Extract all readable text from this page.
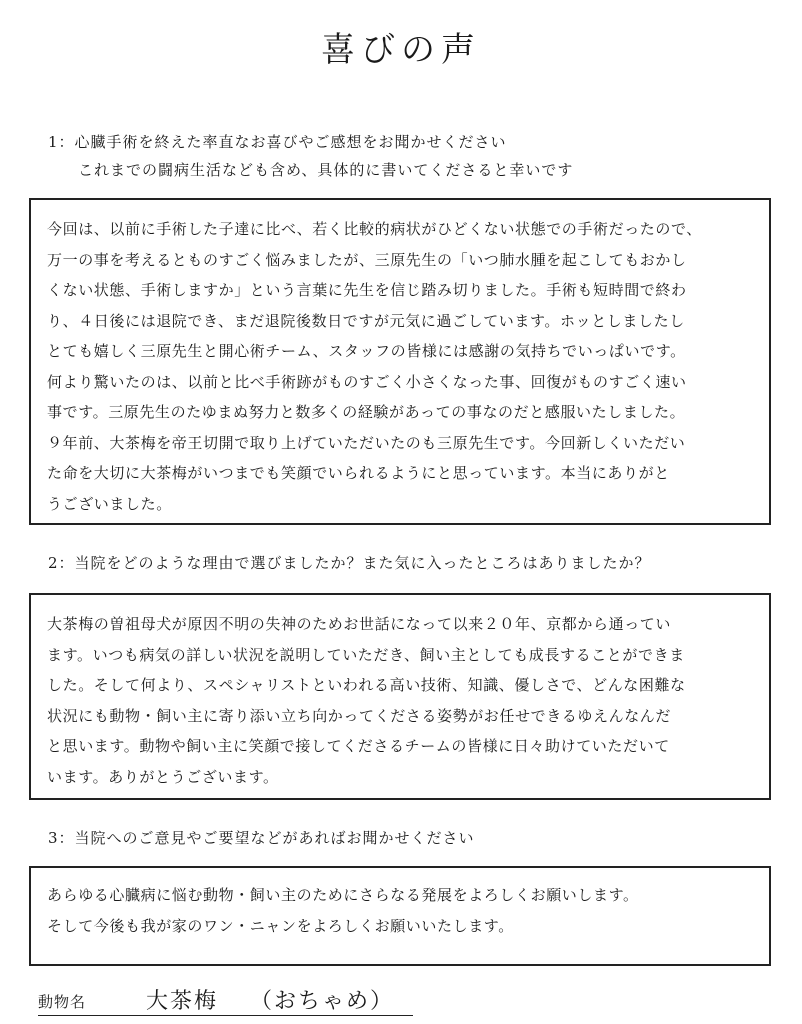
喜びの声
1：心臓手術を終えた率直なお喜びやご感想をお聞かせください
これまでの闘病生活なども含め、具体的に書いてくださると幸いです
今回は、以前に手術した子達に比べ、若く比較的病状がひどくない状態での手術だったので、
万一の事を考えるとものすごく悩みましたが、三原先生の「いつ肺水腫を起こしてもおかし
くない状態、手術しますか」という言葉に先生を信じ踏み切りました。手術も短時間で終わ
り、４日後には退院でき、まだ退院後数日ですが元気に過ごしています。ホッとしましたし
とても嬉しく三原先生と開心術チーム、スタッフの皆様には感謝の気持ちでいっぱいです。
何より驚いたのは、以前と比べ手術跡がものすごく小さくなった事、回復がものすごく速い
事です。三原先生のたゆまぬ努力と数多くの経験があっての事なのだと感服いたしました。
９年前、大茶梅を帝王切開で取り上げていただいたのも三原先生です。今回新しくいただい
た命を大切に大茶梅がいつまでも笑顔でいられるようにと思っています。本当にありがと
うございました。
2：当院をどのような理由で選びましたか？また気に入ったところはありましたか？
大茶梅の曽祖母犬が原因不明の失神のためお世話になって以来２０年、京都から通ってい
ます。いつも病気の詳しい状況を説明していただき、飼い主としても成長することができま
した。そして何より、スペシャリストといわれる高い技術、知識、優しさで、どんな困難な
状況にも動物・飼い主に寄り添い立ち向かってくださる姿勢がお任せできるゆえんなんだ
と思います。動物や飼い主に笑顔で接してくださるチームの皆様に日々助けていただいて
います。ありがとうございます。
3：当院へのご意見やご要望などがあればお聞かせください
あらゆる心臓病に悩む動物・飼い主のためにさらなる発展をよろしくお願いします。
そして今後も我が家のワン・ニャンをよろしくお願いいたします。
動物名	大茶梅 （おちゃめ）
